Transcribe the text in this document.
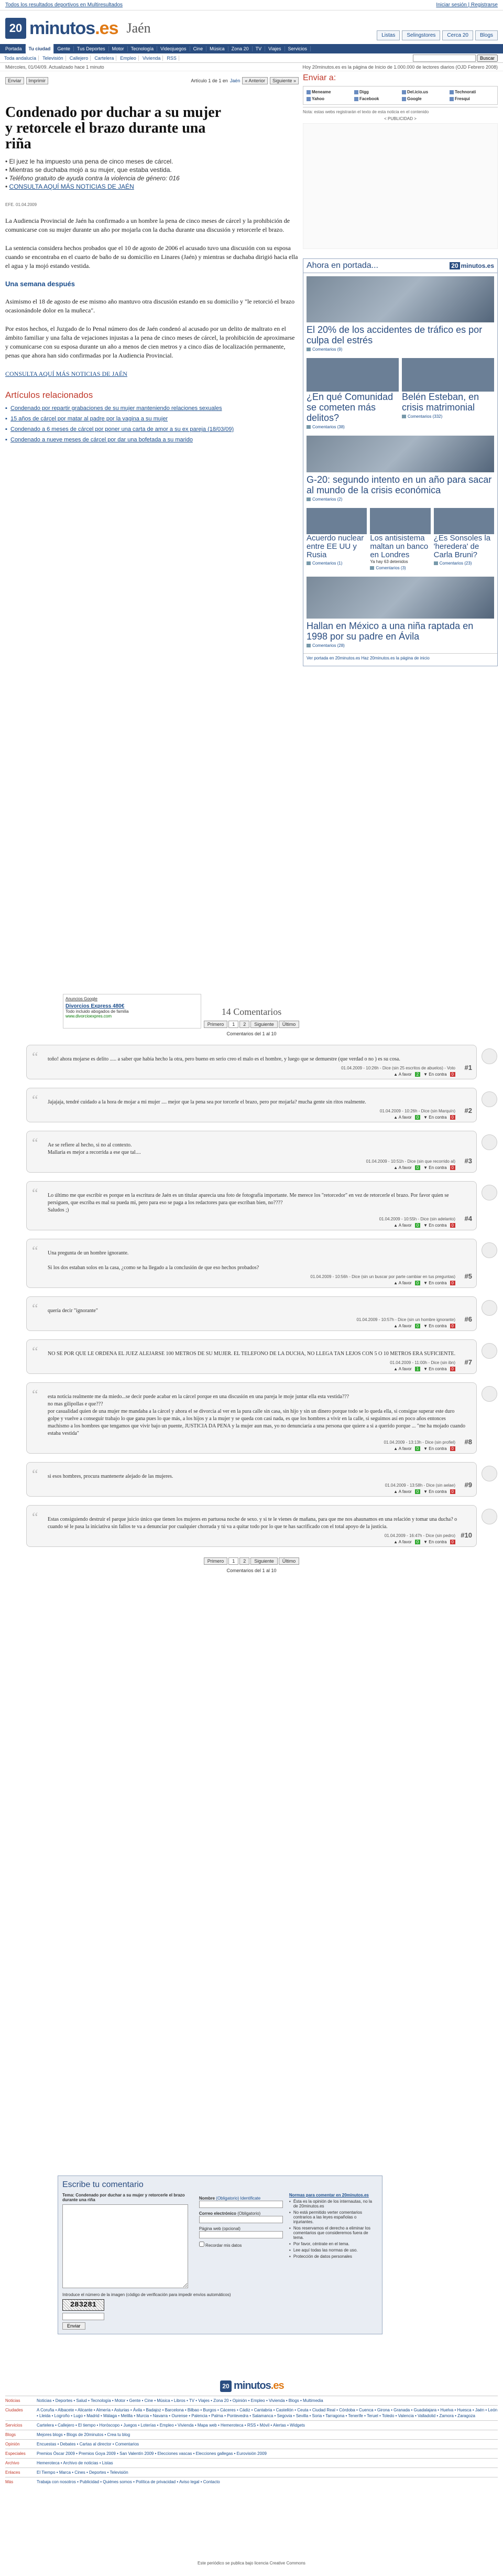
Todos los resultados deportivos en Multiresultados	Iniciar sesión | Registrarse
20 minutos.es Jaén	Listas	Selingstores	Cerca 20	Blogs
Portada	Tu ciudad	Gente	Tus Deportes	Motor	Tecnología	Videojuegos	Cine	Música	Zona 20	TV	Viajes	Servicios
Toda andalucía Televisión Callejero Cartelera Empleo Vivienda RSS	Buscar
Miércoles, 01/04/09. Actualizado hace 1 minuto	Hoy 20minutos.es es la página de Inicio de 1.000.000 de lectores diarios (OJD Febrero 2008)
Enviar	Imprimir	Artículo 1 de 1 en Jaén	« Anterior	Siguiente »
Condenado por duchar a su mujer y retorcele el brazo durante una riña
• El juez le ha impuesto una pena de cinco meses de cárcel.
• Mientras se duchaba mojó a su mujer, que estaba vestida.
• Teléfono gratuito de ayuda contra la violencia de género: 016
• CONSULTA AQUÍ MÁS NOTICIAS DE JAÉN
EFE. 01.04.2009

La Audiencia Provincial de Jaén ha confirmado a un hombre la pena de cinco meses de cárcel y la prohibición de comunicarse con su mujer durante un año por mojarla con la ducha durante una discusión y retorcerle el brazo.

La sentencia considera hechos probados que el 10 de agosto de 2006 el acusado tuvo una discusión con su esposa cuando se encontraba en el cuarto de baño de su domicilio en Linares (Jaén) y mientras se duchaba dirigió hacia ella el agua y la mojó estando vestida.

Una semana después

Asimismo el 18 de agosto de ese mismo año mantuvo otra discusión estando en su domicilio y "le retorció el brazo ocasionándole dolor en la muñeca".

Por estos hechos, el Juzgado de lo Penal número dos de Jaén condenó al acusado por un delito de maltrato en el ámbito familiar y una falta de vejaciones injustas a la pena de cinco meses de cárcel, la prohibición de aproximarse y comunicarse con su esposa durante un año a menos de cien metros y a cinco días de localización permanente, penas que ahora han sido confirmadas por la Audiencia Provincial.

CONSULTA AQUÍ MÁS NOTICIAS DE JAÉN

Artículos relacionados
▪ Condenado por repartir grabaciones de su mujer manteniendo relaciones sexuales
▪ 15 años de cárcel por matar al padre por la vagina a su mujer
▪ Condenado a 6 meses de cárcel por poner una carta de amor a su ex pareja (18/03/09)
▪ Condenado a nueve meses de cárcel por dar una bofetada a su marido
Enviar a:
Meneame	Digg	Del.icio.us	Technorati
Yahoo	Facebook	Google	Fresqui
Nota: estas webs registrarán el texto de esta noticia en el contenido
< PUBLICIDAD >
Ahora en portada...	20 minutos.es
El 20% de los accidentes de tráfico es por culpa del estrés
Comentarios (9)
¿En qué Comunidad se cometen más delitos?
Comentarios (38)
Belén Esteban, en crisis matrimonial
Comentarios (332)
G-20: segundo intento en un año para sacar al mundo de la crisis económica
Comentarios (2)
Acuerdo nuclear entre EE UU y Rusia
Comentarios (1)
Los antisistema maltan un banco en Londres
Ya hay 63 detenidos
Comentarios (3)
¿Es Sonsoles la 'heredera' de Carla Bruni?
Comentarios (23)
Hallan en México a una niña raptada en 1998 por su padre en Ávila
Comentarios (28)
Ver portada en 20minutos.es Haz 20minutos.es la página de inicio
Anuncios Google
Divorcios Express 480€
Todo incluido abogados de familia
www.divorcioexpres.com	14 Comentarios
Primero	1	2	Siguiente	Último
Comentarios del 1 al 10
“ toño! ahora mojarse es delito ..... a saber que habia hecho la otra, pero bueno en serio creo el malo es el hombre, y luego que se demuestre (que verdad o no ) es su cosa.
01.04.2009 - 10:26h - Dice (sin 25 escritos de abuelos) - Voto #1
▲ A favor	2	▼ En contra	0
“ Jajajaja, tendré cuidado a la hora de mojar a mi mujer .... mejor que la pena sea por torcerle el brazo, pero por mojarla? mucha gente sin ritos realmente.
01.04.2009 - 10:26h - Dice (sin Marquín) #2
▲ A favor	0	▼ En contra	0
“ Ae se refiere al hecho, si no al contexto.
Mallaria es mejor a recorrida a ese que tal....
01.04.2009 - 10:51h - Dice (sin que recorrido al) #3
▲ A favor	0	▼ En contra	0
“ Lo último me que escribir es porque en la escritura de Jaén es un titular aparecía una foto de fotografía importante. Me merece los "retorcedor" en vez de retorcerle el brazo. Por favor quien se persiguen, que escriba es mal su pueda mi, pero para eso se paga a los redactores para que escriban bien, no????
Saludos ;)
01.04.2009 - 10:55h - Dice (sin adelanto) #4
▲ A favor	0	▼ En contra	0
“ Una pregunta de un hombre ignorante.

Si los dos estaban solos en la casa, ¿como se ha llegado a la conclusión de que eso hechos probados?
01.04.2009 - 10:56h - Dice (sin un buscar por parte cambiar en tus preguntas) #5
▲ A favor	0	▼ En contra	0
“ quería decir "ignorante"
01.04.2009 - 10:57h - Dice (sin un hombre ignorante) #6
▲ A favor	0	▼ En contra	0
“ NO SE POR QUE LE ORDENA EL JUEZ ALEJARSE 100 METROS DE SU MUJER. EL TELEFONO DE LA DUCHA, NO LLEGA TAN LEJOS CON 5 O 10 METROS ERA SUFICIENTE.
01.04.2009 - 11:00h - Dice (sin ibn) #7
▲ A favor	1	▼ En contra	0
“ esta noticia realmente me da miedo...se decir puede acabar en la cárcel porque en una discusión en una pareja le moje juntar ella esta vestida???
no mas gilipollas e que???
por casualidad quien de una mujer me mandaba a la cárcel y ahora el se divorcia al ver en la pura calle sin casa, sin hijo y sin un dinero porque todo se lo queda ella, si consigue superar este duro golpe y vuelve a conseguir trabajo lo que gana pues lo que más, a los hijos y a la mujer y se queda con casi nada, es que los hombres a vivir en la calle, si seguimos así en poco años entonces machismo a los hombres que tengamos que vivir bajo un puente, JUSTICIA DA PENA y la mujer aun mas, yo no denunciaría a una persona que quiere a si a querido porque ... "me ha mojado cuando estaba vestida"
01.04.2009 - 13:13h - Dice (sin profiel) #8
▲ A favor	0	▼ En contra	0
“ si esos hombres, procura mantenerte alejado de las mujeres.
01.04.2009 - 13:58h - Dice (sin aelae) #9
▲ A favor	0	▼ En contra	0
“ Estas consiguiendo destruir el parque juicio único que tienen los mujeres en partuosa noche de sexo. y si te le vienes de mañana, para que me nos ahaunamos en una relación y tomar una ducha? o cuando sé le pasa la iniciativa sin fallos te va a denunciar por cualquier chorrada y tú va a quitar todo por lo que te has sacrificado con el total apoyo de la justicia.
01.04.2009 - 16:47h - Dice (sin pedro) #10
▲ A favor	0	▼ En contra	0
Primero	1	2	Siguiente	Último
Comentarios del 1 al 10
Escribe tu comentario
Tema: Condenado por duchar a su mujer y retorcerle el brazo durante una riña	Nombre (Obligatorio) Identificate
Correo electrónico (Obligatorio)
Página web (opcional)
Recordar mis datos
Normas para comentar en 20minutos.es
▪ Ésta es la opinión de los internautas, no la de 20minutos.es
▪ No está permitido verter comentarios contrarios a las leyes españolas o injuriantes.
▪ Nos reservamos el derecho a eliminar los comentarios que consideremos fuera de tema.
▪ Por favor, céntrate en el tema.
▪ Lee aquí todas las normas de uso.
▪ Protección de datos personales
Introduce el número de la imagen (código de verificación para impedir envíos automáticos)
283281
Enviar
20 minutos.es
Noticias	Noticias • Deportes • Salud • Tecnología • Motor • Gente • Cine • Música • Libros • TV • Viajes • Zona 20 • Opinión • Empleo • Vivienda • Blogs • Multimedia
Ciudades	A Coruña • Albacete • Alicante • Almería • Asturias • Ávila • Badajoz • Barcelona • Bilbao • Burgos • Cáceres • Cádiz • Cantabria • Castellón • Ceuta • Ciudad Real • Córdoba • Cuenca • Girona • Granada • Guadalajara • Huelva • Huesca • Jaén • León • Lleida • Logroño • Lugo • Madrid • Málaga • Melilla • Murcia • Navarra • Ourense • Palencia • Palma • Pontevedra • Salamanca • Segovia • Sevilla • Soria • Tarragona • Tenerife • Teruel • Toledo • Valencia • Valladolid • Zamora • Zaragoza
Servicios	Cartelera • Callejero • El tiempo • Horóscopo • Juegos • Loterías • Empleo • Vivienda • Mapa web • Hemeroteca • RSS • Móvil • Alertas • Widgets
Blogs	Mejores blogs • Blogs de 20minutos • Crea tu blog
Opinión	Encuestas • Debates • Cartas al director • Comentarios
Especiales	Premios Óscar 2009 • Premios Goya 2009 • San Valentín 2009 • Elecciones vascas • Elecciones gallegas • Eurovisión 2009
Archivo	Hemeroteca • Archivo de noticias • Listas
Enlaces	El Tiempo • Marca • Cines • Deportes • Televisión
Más	Trabaja con nosotros • Publicidad • Quiénes somos • Política de privacidad • Aviso legal • Contacto
Este periódico se publica bajo licencia Creative Commons
